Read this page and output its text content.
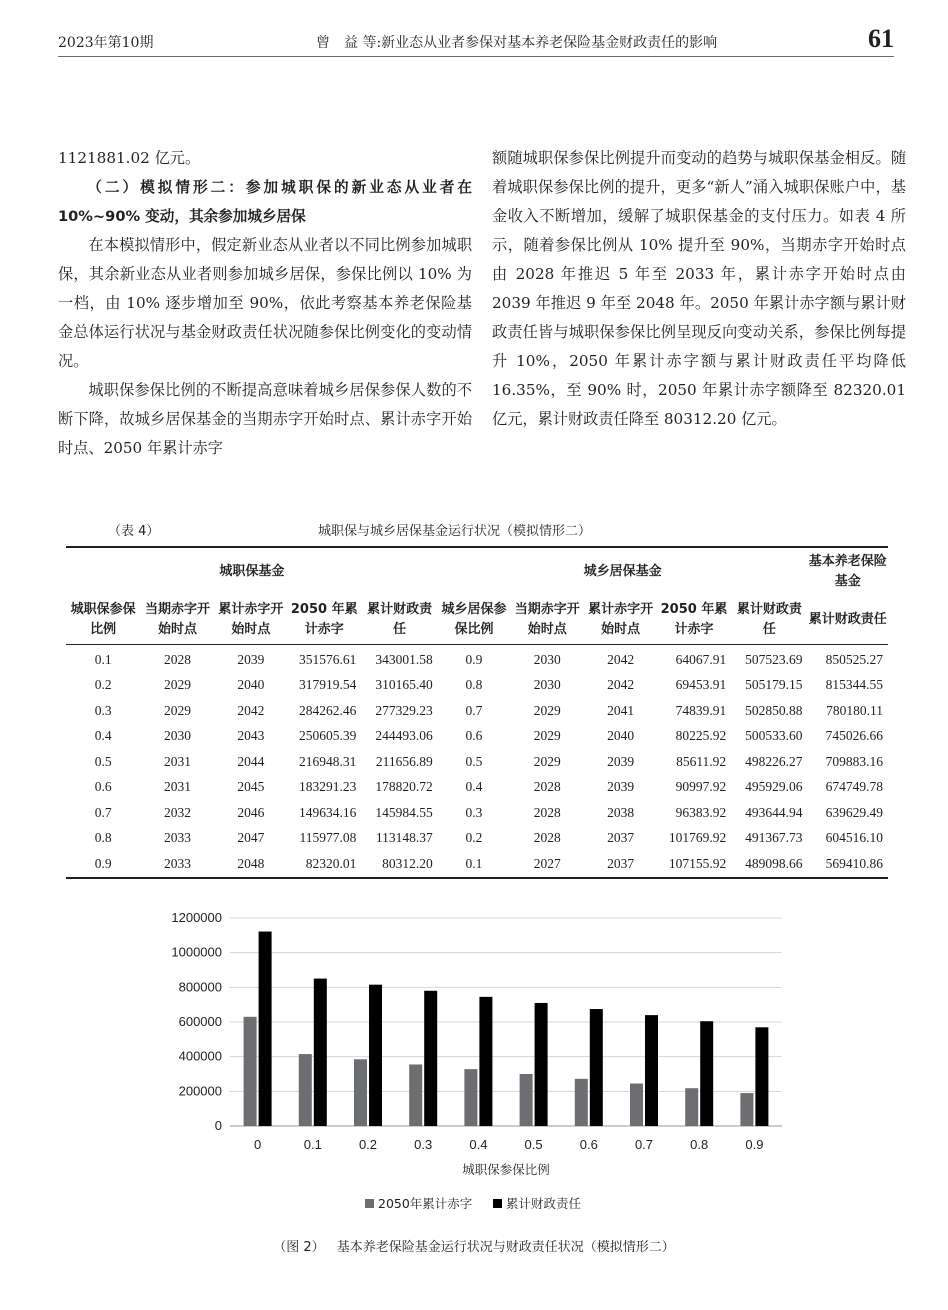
2023年第10期	曾　益 等:新业态从业者参保对基本养老保险基金财政责任的影响	61

1121881.02 亿元。

（二）模拟情形二：参加城职保的新业态从业者在 10%~90% 变动，其余参加城乡居保

在本模拟情形中，假定新业态从业者以不同比例参加城职保，其余新业态从业者则参加城乡居保，参保比例以 10% 为一档，由 10% 逐步增加至 90%，依此考察基本养老保险基金总体运行状况与基金财政责任状况随参保比例变化的变动情况。

城职保参保比例的不断提高意味着城乡居保参保人数的不断下降，故城乡居保基金的当期赤字开始时点、累计赤字开始时点、2050 年累计赤字

额随城职保参保比例提升而变动的趋势与城职保基金相反。随着城职保参保比例的提升，更多“新人”涌入城职保账户中，基金收入不断增加，缓解了城职保基金的支付压力。如表 4 所示，随着参保比例从 10% 提升至 90%，当期赤字开始时点由 2028 年推迟 5 年至 2033 年，累计赤字开始时点由 2039 年推迟 9 年至 2048 年。2050 年累计赤字额与累计财政责任皆与城职保参保比例呈现反向变动关系，参保比例每提升 10%，2050 年累计赤字额与累计财政责任平均降低 16.35%，至 90% 时，2050 年累计赤字额降至 82320.01 亿元，累计财政责任降至 80312.20 亿元。

（表 4）	城职保与城乡居保基金运行状况（模拟情形二）
城职保基金					城乡居保基金					基本养老保险基金
城职保参保比例	当期赤字开始时点	累计赤字开始时点	2050 年累计赤字	累计财政责任	城乡居保参保比例	当期赤字开始时点	累计赤字开始时点	2050 年累计赤字	累计财政责任	累计财政责任
0.1	2028	2039	351576.61	343001.58	0.9	2030	2042	64067.91	507523.69	850525.27
0.2	2029	2040	317919.54	310165.40	0.8	2030	2042	69453.91	505179.15	815344.55
0.3	2029	2042	284262.46	277329.23	0.7	2029	2041	74839.91	502850.88	780180.11
0.4	2030	2043	250605.39	244493.06	0.6	2029	2040	80225.92	500533.60	745026.66
0.5	2031	2044	216948.31	211656.89	0.5	2029	2039	85611.92	498226.27	709883.16
0.6	2031	2045	183291.23	178820.72	0.4	2028	2039	90997.92	495929.06	674749.78
0.7	2032	2046	149634.16	145984.55	0.3	2028	2038	96383.92	493644.94	639629.49
0.8	2033	2047	115977.08	113148.37	0.2	2028	2037	101769.92	491367.73	604516.10
0.9	2033	2048	82320.01	80312.20	0.1	2027	2037	107155.92	489098.66	569410.86
0
200000
400000
600000
800000
1000000
1200000
0	0.1	0.2	0.3	0.4	0.5	0.6	0.7	0.8	0.9
城职保参保比例
2050年累计赤字	累计财政责任
（图 2） 基本养老保险基金运行状况与财政责任状况（模拟情形二）
